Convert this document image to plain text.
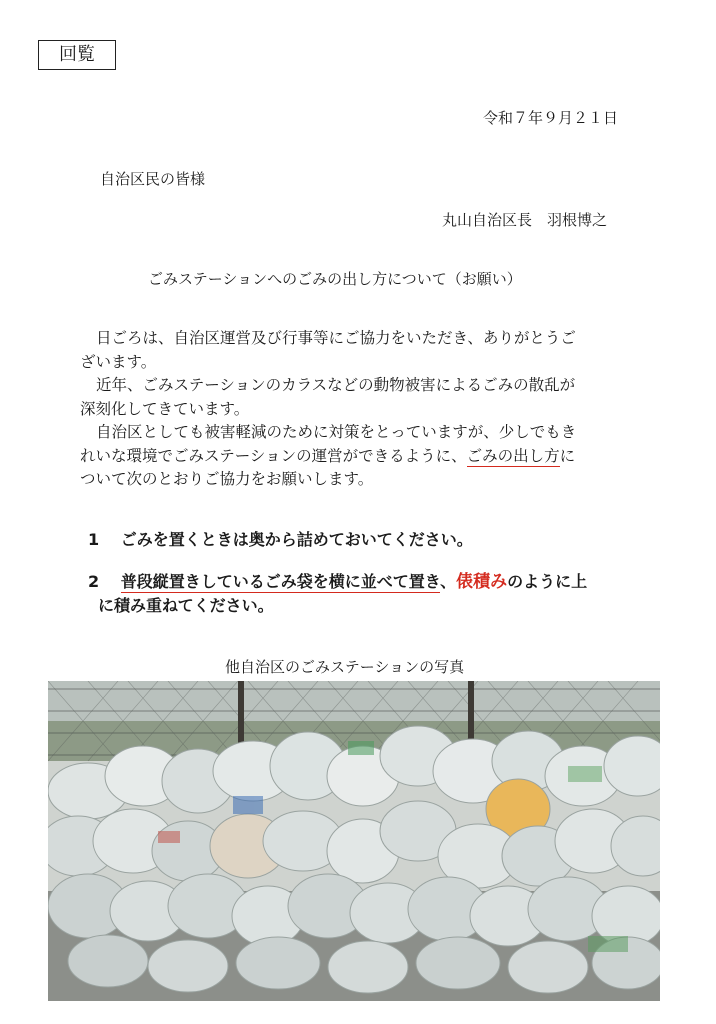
回覧
令和７年９月２１日
自治区民の皆様
丸山自治区長　羽根博之
ごみステーションへのごみの出し方について（お願い）
日ごろは、自治区運営及び行事等にご協力をいただき、ありがとうご
ざいます。
近年、ごみステーションのカラスなどの動物被害によるごみの散乱が
深刻化してきています。
自治区としても被害軽減のために対策をとっていますが、少しでもき
れいな環境でごみステーションの運営ができるように、ごみの出し方に
ついて次のとおりご協力をお願いします。
1 ごみを置くときは奥から詰めておいてください。
2 普段縦置きしているごみ袋を横に並べて置き、俵積みのように上
に積み重ねてください。
他自治区のごみステーションの写真
